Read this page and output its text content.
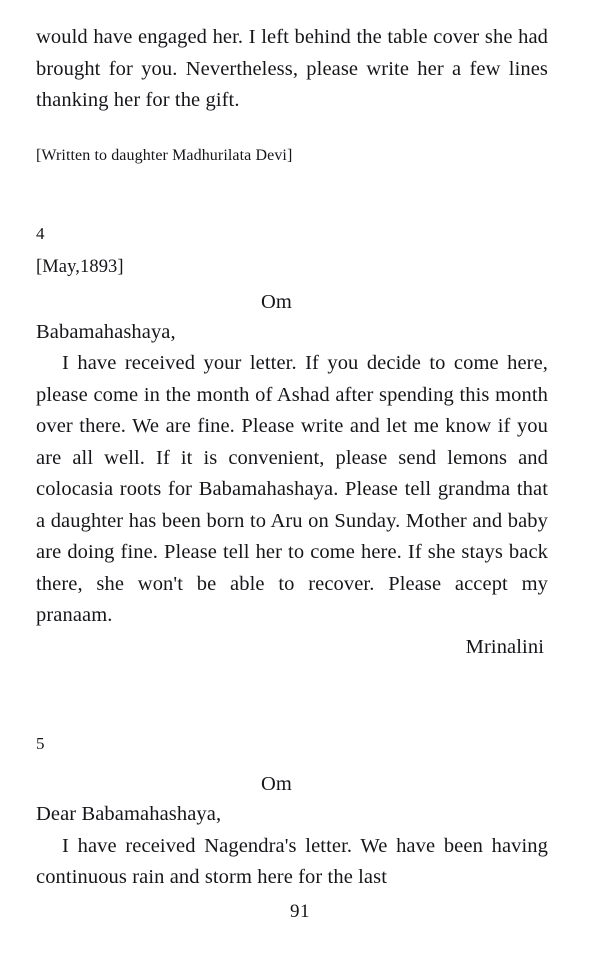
would have engaged her. I left behind the table cover she had brought for you. Nevertheless, please write her a few lines thanking her for the gift.

[Written to daughter Madhurilata Devi]

4

[May,1893]

Om

Babamahashaya,

I have received your letter. If you decide to come here, please come in the month of Ashad after spending this month over there. We are fine. Please write and let me know if you are all well. If it is convenient, please send lemons and colocasia roots for Babamahashaya. Please tell grandma that a daughter has been born to Aru on Sunday. Mother and baby are doing fine. Please tell her to come here. If she stays back there, she won't be able to recover. Please accept my pranaam.

Mrinalini

5

Om

Dear Babamahashaya,

I have received Nagendra's letter. We have been having continuous rain and storm here for the last

91
